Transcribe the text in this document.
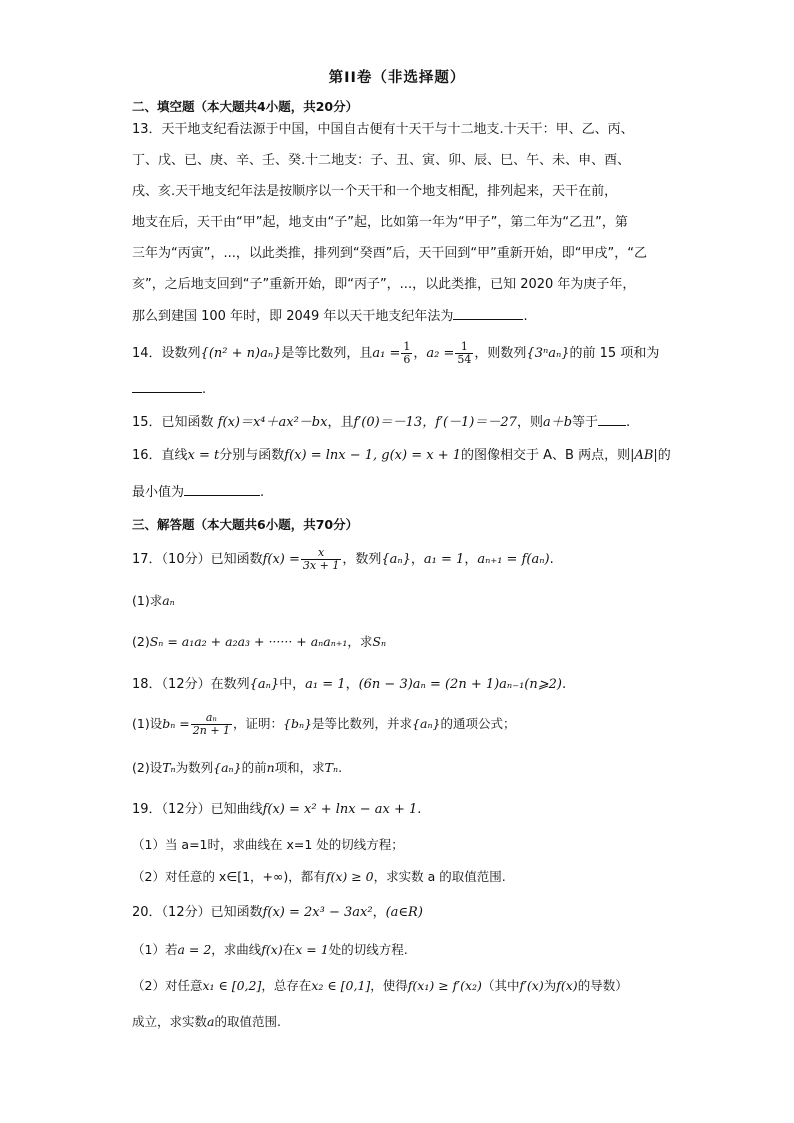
第II卷（非选择题）
二、填空题（本大题共4小题，共20分）
13．天干地支纪看法源于中国，中国自古便有十天干与十二地支.十天干：甲、乙、丙、
丁、戊、已、庚、辛、壬、癸.十二地支：子、丑、寅、卯、辰、巳、午、未、申、酉、
戌、亥.天干地支纪年法是按顺序以一个天干和一个地支相配，排列起来，天干在前，
地支在后，天干由“甲”起，地支由“子”起，比如第一年为“甲子”，第二年为“乙丑”，第
三年为“丙寅”，...，以此类推，排列到“癸酉”后，天干回到“甲”重新开始，即“甲戌”，“乙
亥”，之后地支回到“子”重新开始，即“丙子”，...，以此类推，已知 2020 年为庚子年，
那么到建国 100 年时，即 2049 年以天干地支纪年法为	.
14．设数列{(n² + n)aₙ}是等比数列，且$a_1 = \frac{1}{6}$ ，$a_2 = \frac{1}{54}$ ，则数列{3ⁿaₙ}的前 15 项和为
.
15．已知函数 f(x)＝x⁴＋ax²－bx，且f′(0)＝－13，f′(－1)＝－27，则a＋b等于 .
16．直线x = t分别与函数f(x) = lnx − 1, g(x) = x + 1的图像相交于 A、B 两点，则|AB|的
最小值为	.
三、解答题（本大题共6小题，共70分）
17．（10分）已知函数$f(x) = \frac{x}{3x + 1}$ ，数列{aₙ}，a₁ = 1，aₙ₊₁ = f(aₙ).
(1)求aₙ
(2)Sₙ = a₁a₂ + a₂a₃ + ······ + aₙaₙ₊₁，求Sₙ
18．（12分）在数列{aₙ}中，a₁ = 1，(6n − 3)aₙ = (2n + 1)aₙ₋₁(n⩾2).
(1)设$b_n = \frac{\text{aₙ}}{2n + 1}$ ，证明：{bₙ}是等比数列，并求{aₙ}的通项公式；
(2)设Tₙ为数列{aₙ}的前n项和，求Tₙ.
19．（12分）已知曲线f(x) = x² + lnx − ax + 1.
（1）当 a=1时，求曲线在 x=1 处的切线方程；
（2）对任意的 x∈[1，+∞)，都有f(x) ≥ 0，求实数 a 的取值范围.
20．（12分）已知函数f(x) = 2x³ − 3ax²，(a∈R)
（1）若a = 2，求曲线f(x)在x = 1处的切线方程.
（2）对任意x₁ ∈ [0,2]，总存在x₂ ∈ [0,1]，使得f(x₁) ≥ f′(x₂)（其中f′(x)为f(x)的导数）
成立，求实数a的取值范围.
